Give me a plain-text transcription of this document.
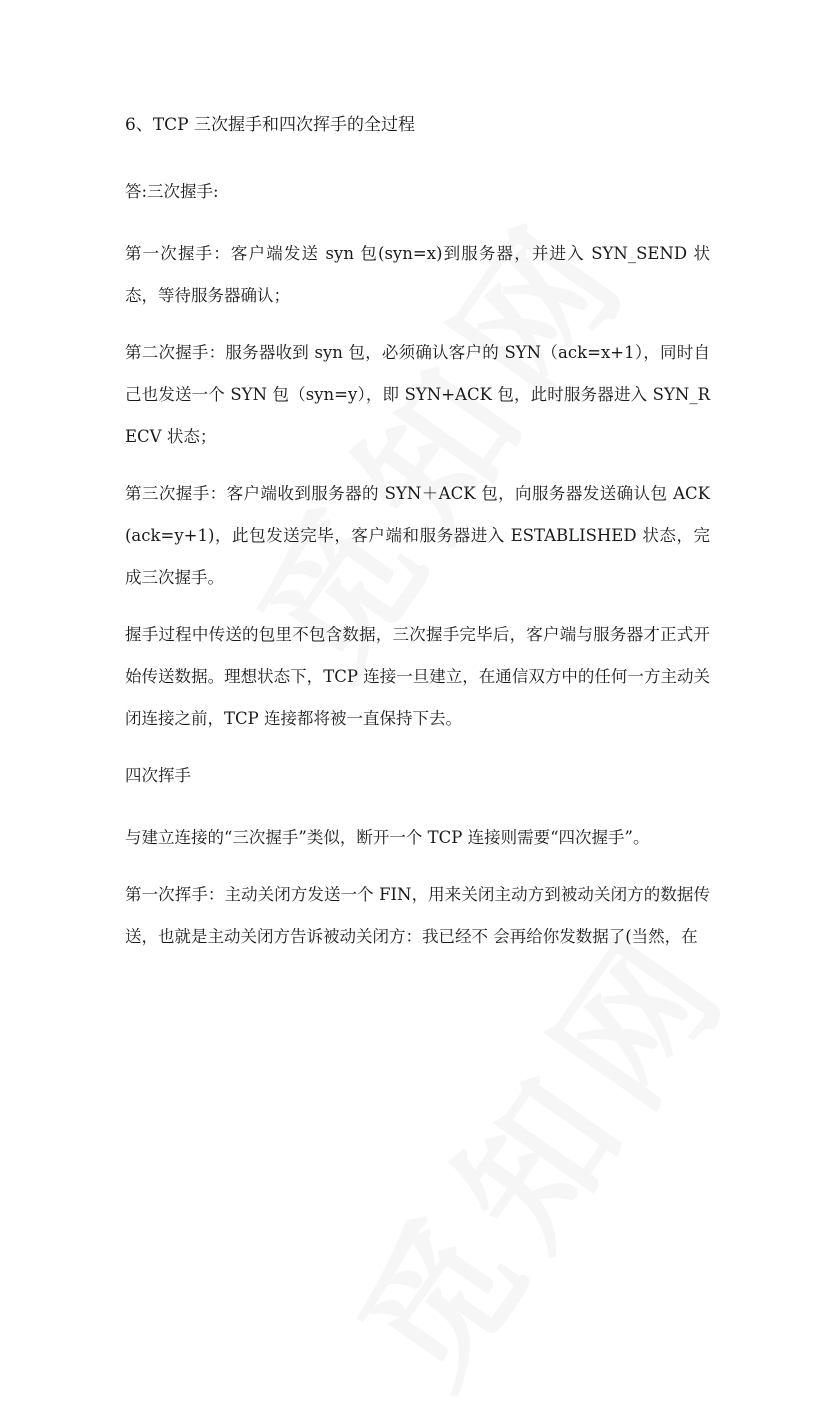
6、TCP 三次握手和四次挥手的全过程

答:三次握手:

第一次握手：客户端发送 syn 包(syn=x)到服务器，并进入 SYN_SEND 状态，等待服务器确认；

第二次握手：服务器收到 syn 包，必须确认客户的 SYN（ack=x+1），同时自己也发送一个 SYN 包（syn=y），即 SYN+ACK 包，此时服务器进入 SYN_RECV 状态；

第三次握手：客户端收到服务器的 SYN＋ACK 包，向服务器发送确认包 ACK(ack=y+1)，此包发送完毕，客户端和服务器进入 ESTABLISHED 状态，完成三次握手。

握手过程中传送的包里不包含数据，三次握手完毕后，客户端与服务器才正式开始传送数据。理想状态下，TCP 连接一旦建立，在通信双方中的任何一方主动关闭连接之前，TCP 连接都将被一直保持下去。

四次挥手

与建立连接的“三次握手”类似，断开一个 TCP 连接则需要“四次握手”。

第一次挥手：主动关闭方发送一个 FIN，用来关闭主动方到被动关闭方的数据传送，也就是主动关闭方告诉被动关闭方：我已经不 会再给你发数据了(当然，在
